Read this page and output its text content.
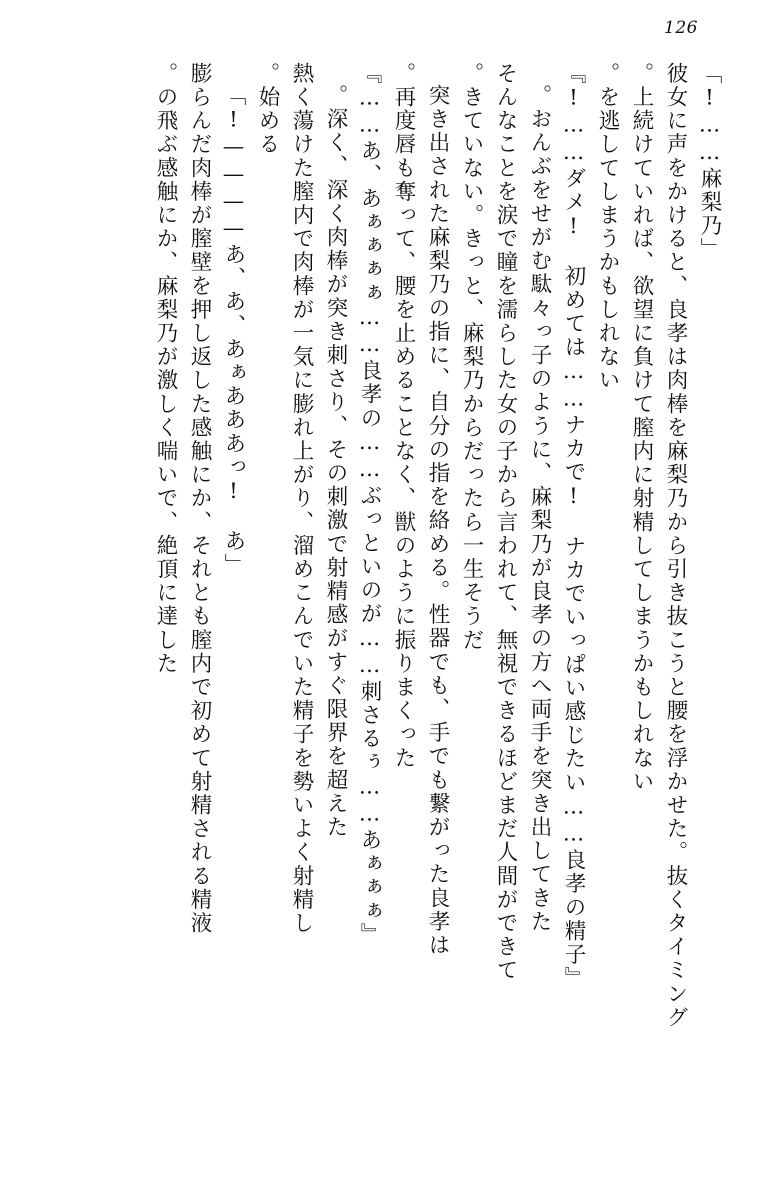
126
「麻梨乃……!」
彼女に声をかけると、良孝は肉棒を麻梨乃から引き抜こうと腰を浮かせた。抜くタイミング
上続けていれば、欲望に負けて膣内に射精してしまうかもしれない。
を逃してしまうかもしれない。
『ダメ!　初めては……ナカで!　ナカでいっぱい感じたい……良孝の精子……!』
おんぶをせがむ駄々っ子のように、麻梨乃が良孝の方へ両手を突き出してきた。
そんなことを涙で瞳を濡らした女の子から言われて、無視できるほどまだ人間ができて
きていない。きっと、麻梨乃からだったら一生そうだ。
突き出された麻梨乃の指に、自分の指を絡める。性器でも、手でも繋がった良孝は
再度唇も奪って、腰を止めることなく、獣のように振りまくった。
『あ、あぁぁぁぁ……良孝の……ぶっといのが……刺さるぅ……あぁぁぁ……』
深く、深く肉棒が突き刺さり、その刺激で射精感がすぐ限界を超えた。
熱く蕩けた膣内で肉棒が一気に膨れ上がり、溜めこんでいた精子を勢いよく射精し
始める。
「あ、あ、あぁあああっ!　あ————!」
膨らんだ肉棒が膣壁を押し返した感触にか、それとも膣内で初めて射精される精液
の飛ぶ感触にか、麻梨乃が激しく喘いで、絶頂に達した。
